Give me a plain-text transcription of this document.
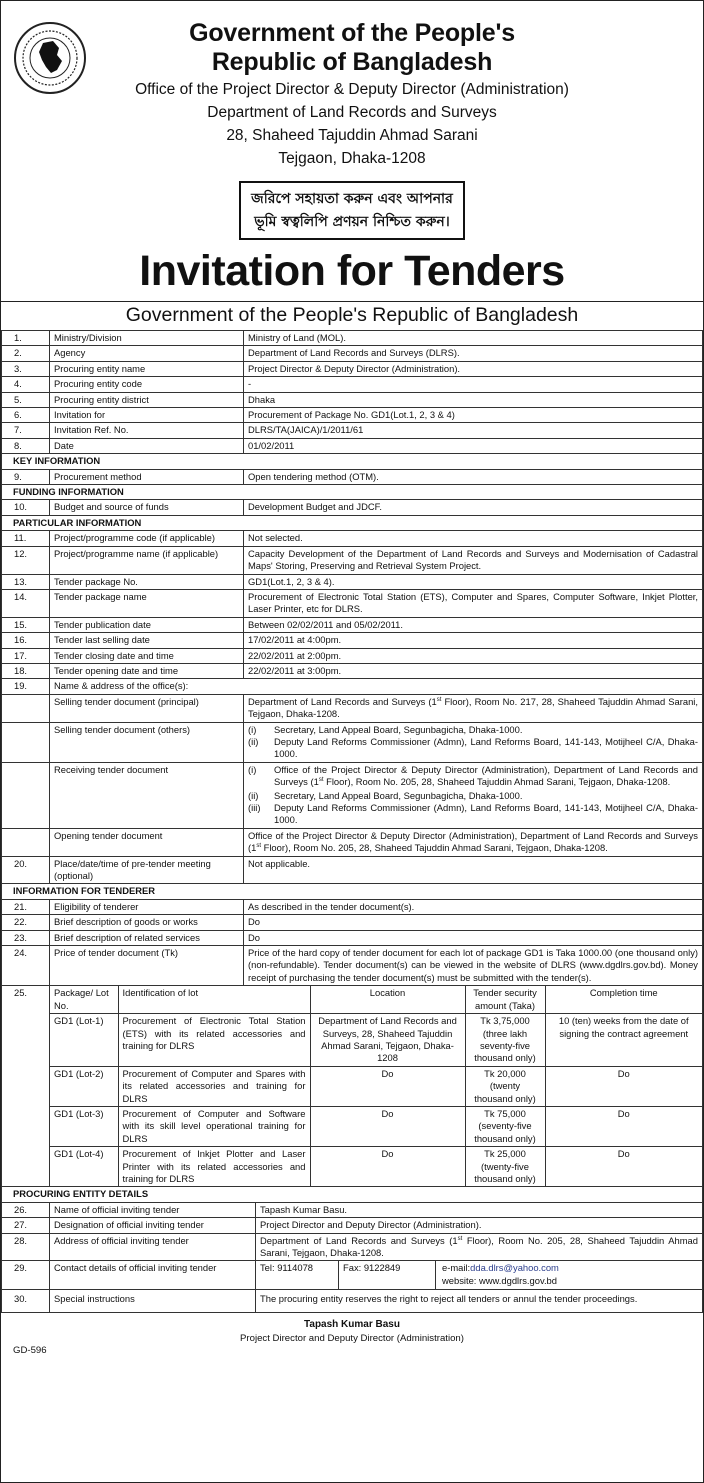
Government of the People's
Republic of Bangladesh
Office of the Project Director & Deputy Director (Administration)
Department of Land Records and Surveys
28, Shaheed Tajuddin Ahmad Sarani
Tejgaon, Dhaka-1208
জরিপে সহায়তা করুন এবং আপনার
ভূমি স্বত্বলিপি প্রণয়ন নিশ্চিত করুন।
Invitation for Tenders
Government of the People's Republic of Bangladesh
1.	Ministry/Division	Ministry of Land (MOL).
2.	Agency	Department of Land Records and Surveys (DLRS).
3.	Procuring entity name	Project Director & Deputy Director (Administration).
4.	Procuring entity code	-
5.	Procuring entity district	Dhaka
6.	Invitation for	Procurement of Package No. GD1(Lot.1, 2, 3 & 4)
7.	Invitation Ref. No.	DLRS/TA(JAICA)/1/2011/61
8.	Date	01/02/2011
KEY INFORMATION
9.	Procurement method	Open tendering method (OTM).
FUNDING INFORMATION
10.	Budget and source of funds	Development Budget and JDCF.
PARTICULAR INFORMATION
11.	Project/programme code (if applicable)	Not selected.
12.	Project/programme name (if applicable)	Capacity Development of the Department of Land Records and Surveys and Modernisation of Cadastral Maps' Storing, Preserving and Retrieval System Project.
13.	Tender package No.	GD1(Lot.1, 2, 3 & 4).
14.	Tender package name	Procurement of Electronic Total Station (ETS), Computer and Spares, Computer Software, Inkjet Plotter, Laser Printer, etc for DLRS.
15.	Tender publication date	Between 02/02/2011 and 05/02/2011.
16.	Tender last selling date	17/02/2011 at 4:00pm.
17.	Tender closing date and time	22/02/2011 at 2:00pm.
18.	Tender opening date and time	22/02/2011 at 3:00pm.
19.	Name & address of the office(s):
	Selling tender document (principal)	Department of Land Records and Surveys (1st Floor), Room No. 217, 28, Shaheed Tajuddin Ahmad Sarani, Tejgaon, Dhaka-1208.
	Selling tender document (others)	(i)	Secretary, Land Appeal Board, Segunbagicha, Dhaka-1000.
(ii)	Deputy Land Reforms Commissioner (Admn), Land Reforms Board, 141-143, Motijheel C/A, Dhaka-1000.

	Receiving tender document	(i)	Office of the Project Director & Deputy Director (Administration), Department of Land Records and Surveys (1st Floor), Room No. 205, 28, Shaheed Tajuddin Ahmad Sarani, Tejgaon, Dhaka-1208.
(ii)	Secretary, Land Appeal Board, Segunbagicha, Dhaka-1000.
(iii)	Deputy Land Reforms Commissioner (Admn), Land Reforms Board, 141-143, Motijheel C/A, Dhaka-1000.

	Opening tender document	Office of the Project Director & Deputy Director (Administration), Department of Land Records and Surveys (1st Floor), Room No. 205, 28, Shaheed Tajuddin Ahmad Sarani, Tejgaon, Dhaka-1208.
20.	Place/date/time of pre-tender meeting (optional)	Not applicable.
INFORMATION FOR TENDERER
21.	Eligibility of tenderer	As described in the tender document(s).
22.	Brief description of goods or works	Do
23.	Brief description of related services	Do
24.	Price of tender document (Tk)	Price of the hard copy of tender document for each lot of package GD1 is Taka 1000.00 (one thousand only) (non-refundable). Tender document(s) can be viewed in the website of DLRS (www.dgdlrs.gov.bd). Money receipt of purchasing the tender document(s) must be submitted with the tender(s).
25.		Package/ Lot No.	Identification of lot	Location	Tender security amount (Taka)	Completion time
GD1 (Lot-1)	Procurement of Electronic Total Station (ETS) with its related accessories and training for DLRS	Department of Land Records and Surveys, 28, Shaheed Tajuddin Ahmad Sarani, Tejgaon, Dhaka-1208	Tk 3,75,000 (three lakh seventy-five thousand only)	10 (ten) weeks from the date of signing the contract agreement
GD1 (Lot-2)	Procurement of Computer and Spares with its related accessories and training for DLRS	Do	Tk 20,000 (twenty thousand only)	Do
GD1 (Lot-3)	Procurement of Computer and Software with its skill level operational training for DLRS	Do	Tk 75,000 (seventy-five thousand only)	Do
GD1 (Lot-4)	Procurement of Inkjet Plotter and Laser Printer with its related accessories and training for DLRS	Do	Tk 25,000 (twenty-five thousand only)	Do

PROCURING ENTITY DETAILS
26.	Name of official inviting tender	Tapash Kumar Basu.
27.	Designation of official inviting tender	Project Director and Deputy Director (Administration).
28.	Address of official inviting tender	Department of Land Records and Surveys (1st Floor), Room No. 205, 28, Shaheed Tajuddin Ahmad Sarani, Tejgaon, Dhaka-1208.
29.	Contact details of official inviting tender	Tel: 9114078 Fax: 9122849 e-mail:dda.dlrs@yahoo.com
website: www.dgdlrs.gov.bd

30.	Special instructions	The procuring entity reserves the right to reject all tenders or annul the tender proceedings.
Tapash Kumar Basu
Project Director and Deputy Director (Administration)
GD-596
